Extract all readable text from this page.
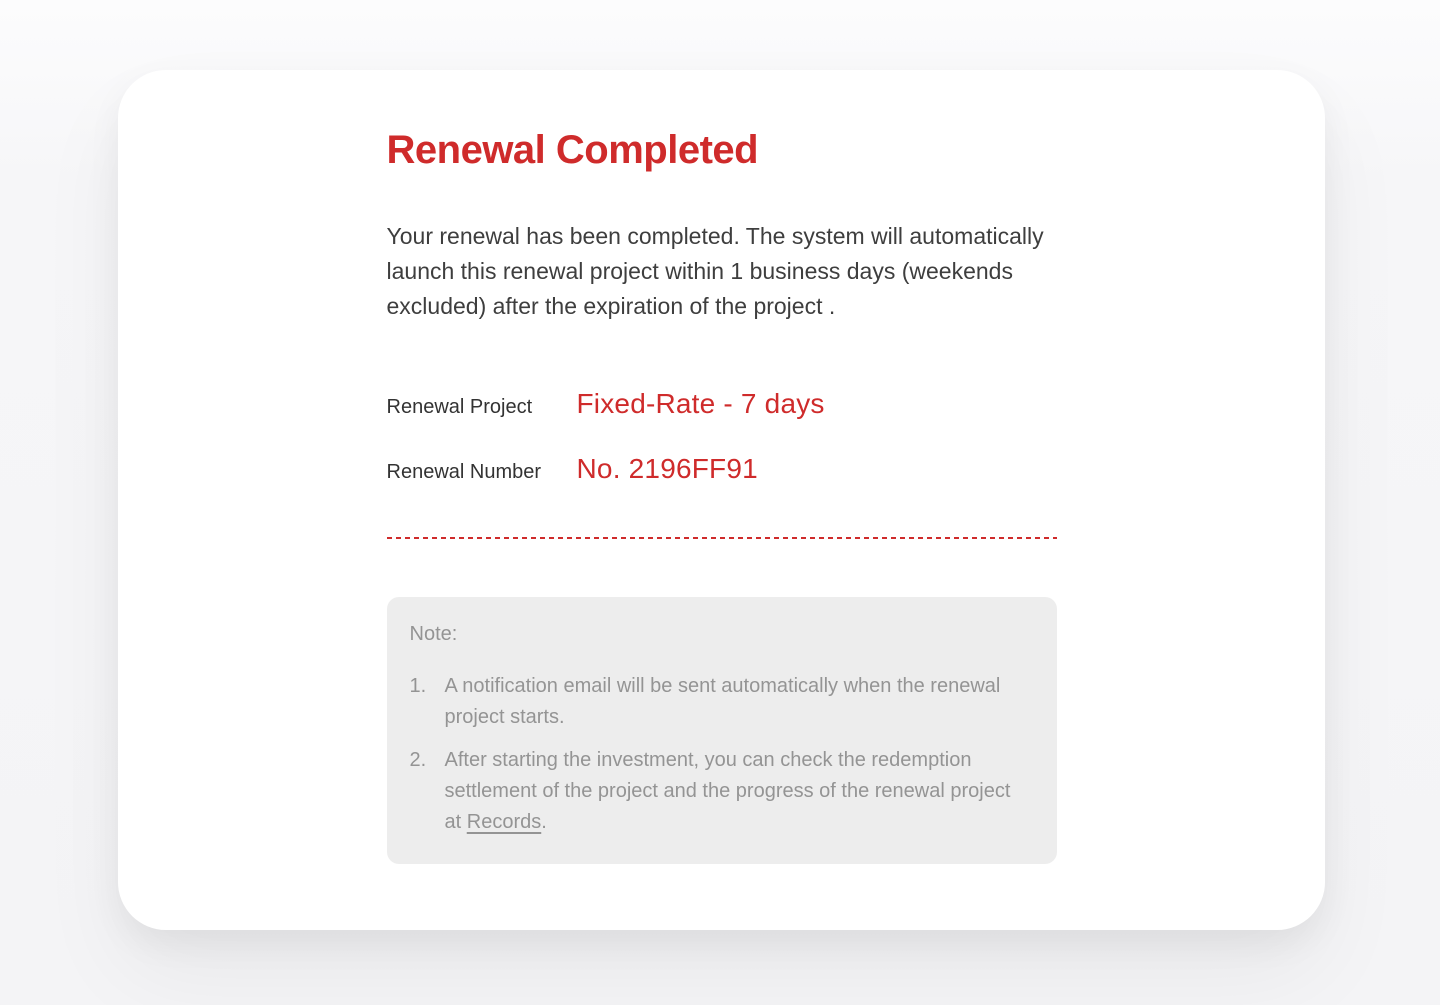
Renewal Completed

Your renewal has been completed. The system will automatically launch this renewal project within 1 business days (weekends excluded) after the expiration of the project .

Renewal Project	Fixed-Rate - 7 days
Renewal Number	No. 2196FF91
Note:
1. A notification email will be sent automatically when the renewal project starts.
2. After starting the investment, you can check the redemption settlement of the project and the progress of the renewal project at Records.
